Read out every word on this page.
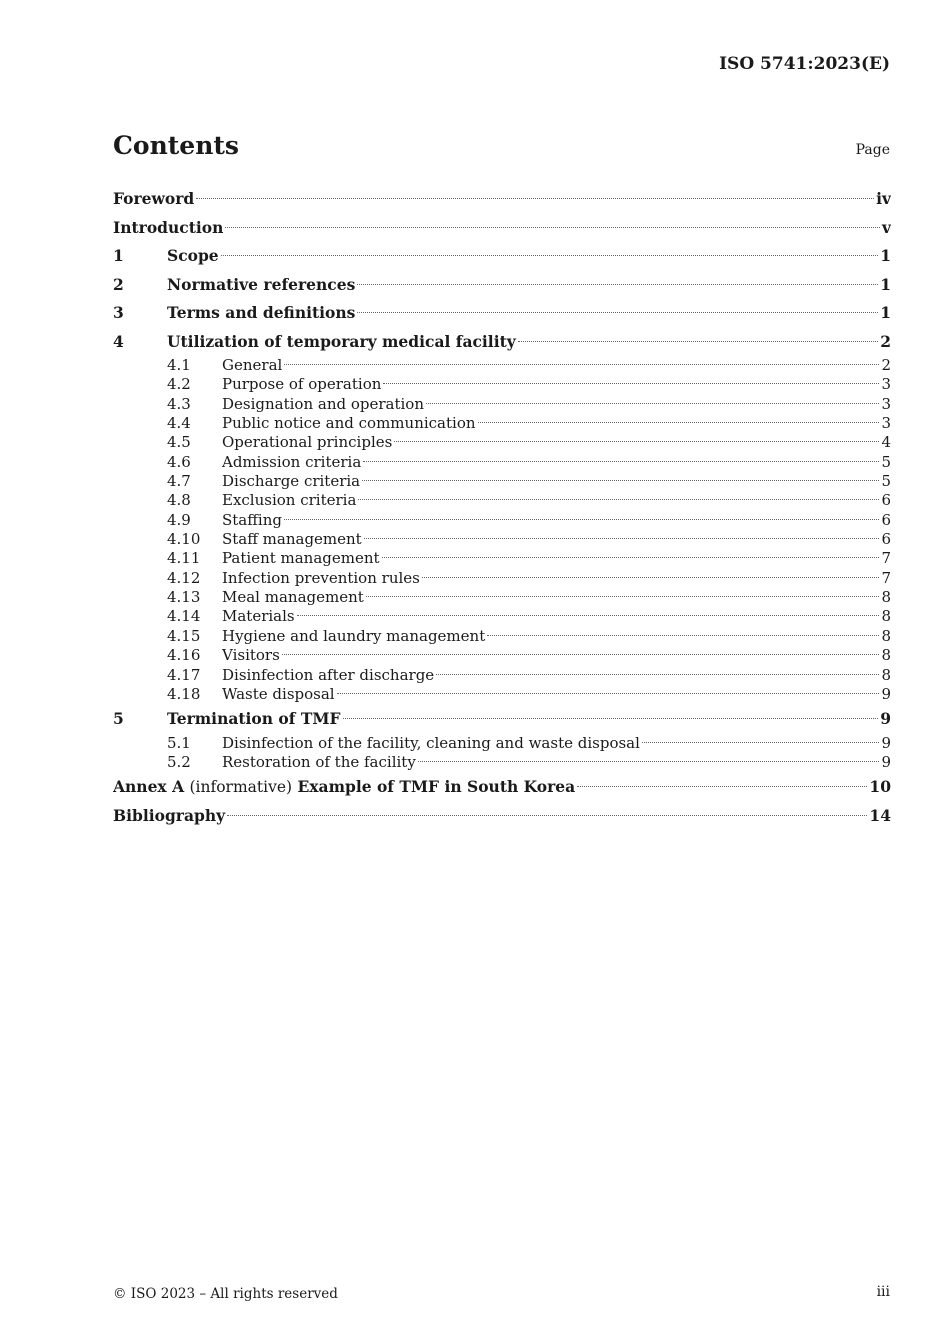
ISO 5741:2023(E)
Contents	Page
Foreword	iv
Introduction	v
1	Scope	1
2	Normative references	1
3	Terms and definitions	1
4	Utilization of temporary medical facility	2
4.1	General	2
4.2	Purpose of operation	3
4.3	Designation and operation	3
4.4	Public notice and communication	3
4.5	Operational principles	4
4.6	Admission criteria	5
4.7	Discharge criteria	5
4.8	Exclusion criteria	6
4.9	Staffing	6
4.10	Staff management	6
4.11	Patient management	7
4.12	Infection prevention rules	7
4.13	Meal management	8
4.14	Materials	8
4.15	Hygiene and laundry management	8
4.16	Visitors	8
4.17	Disinfection after discharge	8
4.18	Waste disposal	9
5	Termination of TMF	9
5.1	Disinfection of the facility, cleaning and waste disposal	9
5.2	Restoration of the facility	9
Annex A (informative) Example of TMF in South Korea	10
Bibliography	14
© ISO 2023 – All rights reserved	iii
